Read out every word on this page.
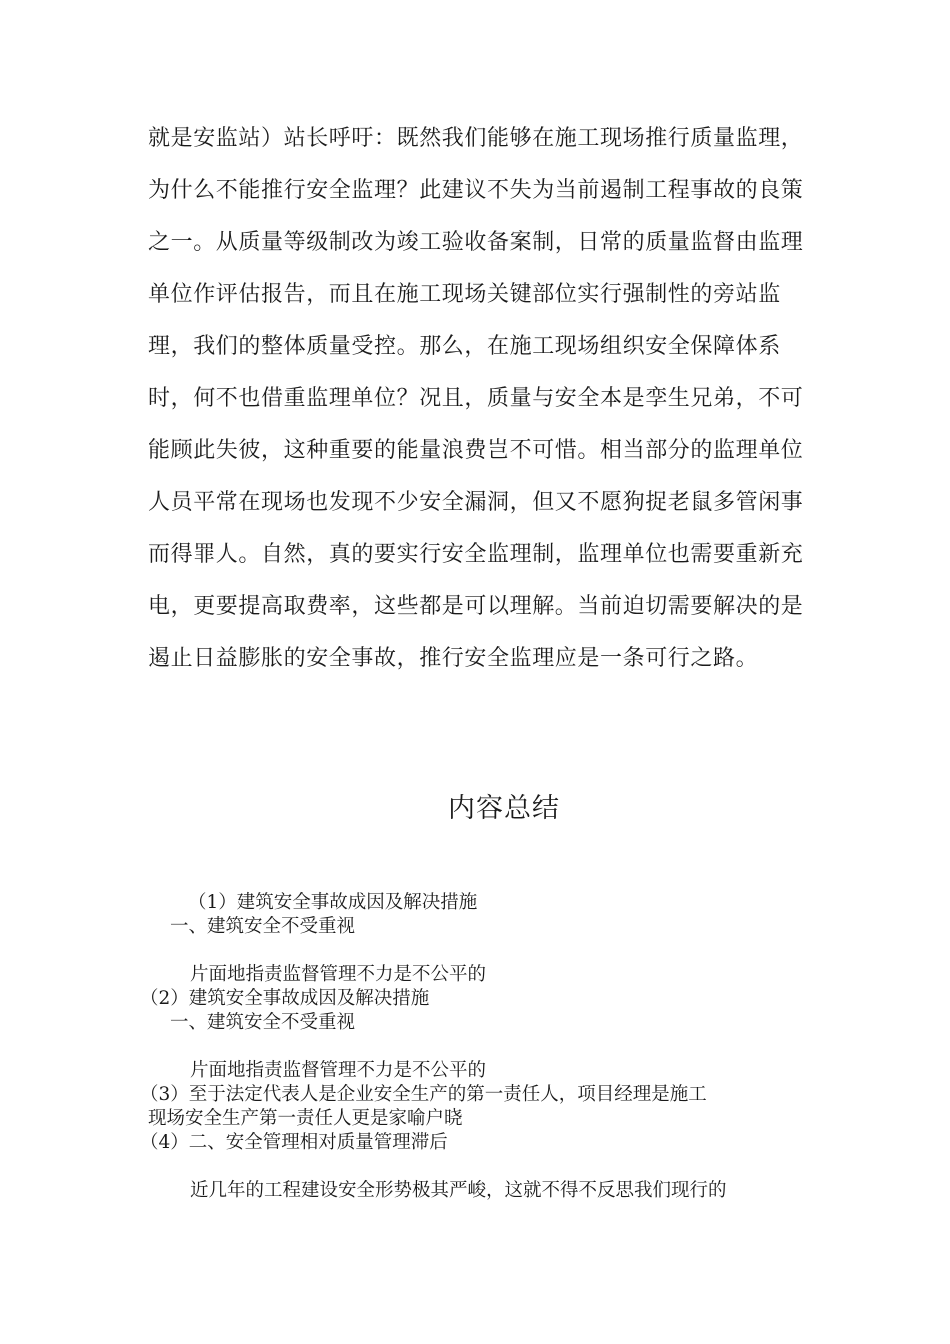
就是安监站）站长呼吁：既然我们能够在施工现场推行质量监理，
为什么不能推行安全监理？此建议不失为当前遏制工程事故的良策
之一。从质量等级制改为竣工验收备案制，日常的质量监督由监理
单位作评估报告，而且在施工现场关键部位实行强制性的旁站监
理，我们的整体质量受控。那么，在施工现场组织安全保障体系
时，何不也借重监理单位？况且，质量与安全本是孪生兄弟，不可
能顾此失彼，这种重要的能量浪费岂不可惜。相当部分的监理单位
人员平常在现场也发现不少安全漏洞，但又不愿狗捉老鼠多管闲事
而得罪人。自然，真的要实行安全监理制，监理单位也需要重新充
电，更要提高取费率，这些都是可以理解。当前迫切需要解决的是
遏止日益膨胀的安全事故，推行安全监理应是一条可行之路。
内容总结
（1）建筑安全事故成因及解决措施
一、建筑安全不受重视
片面地指责监督管理不力是不公平的
（2）建筑安全事故成因及解决措施
一、建筑安全不受重视
片面地指责监督管理不力是不公平的
（3）至于法定代表人是企业安全生产的第一责任人，项目经理是施工
现场安全生产第一责任人更是家喻户晓
（4）二、安全管理相对质量管理滞后
近几年的工程建设安全形势极其严峻，这就不得不反思我们现行的
